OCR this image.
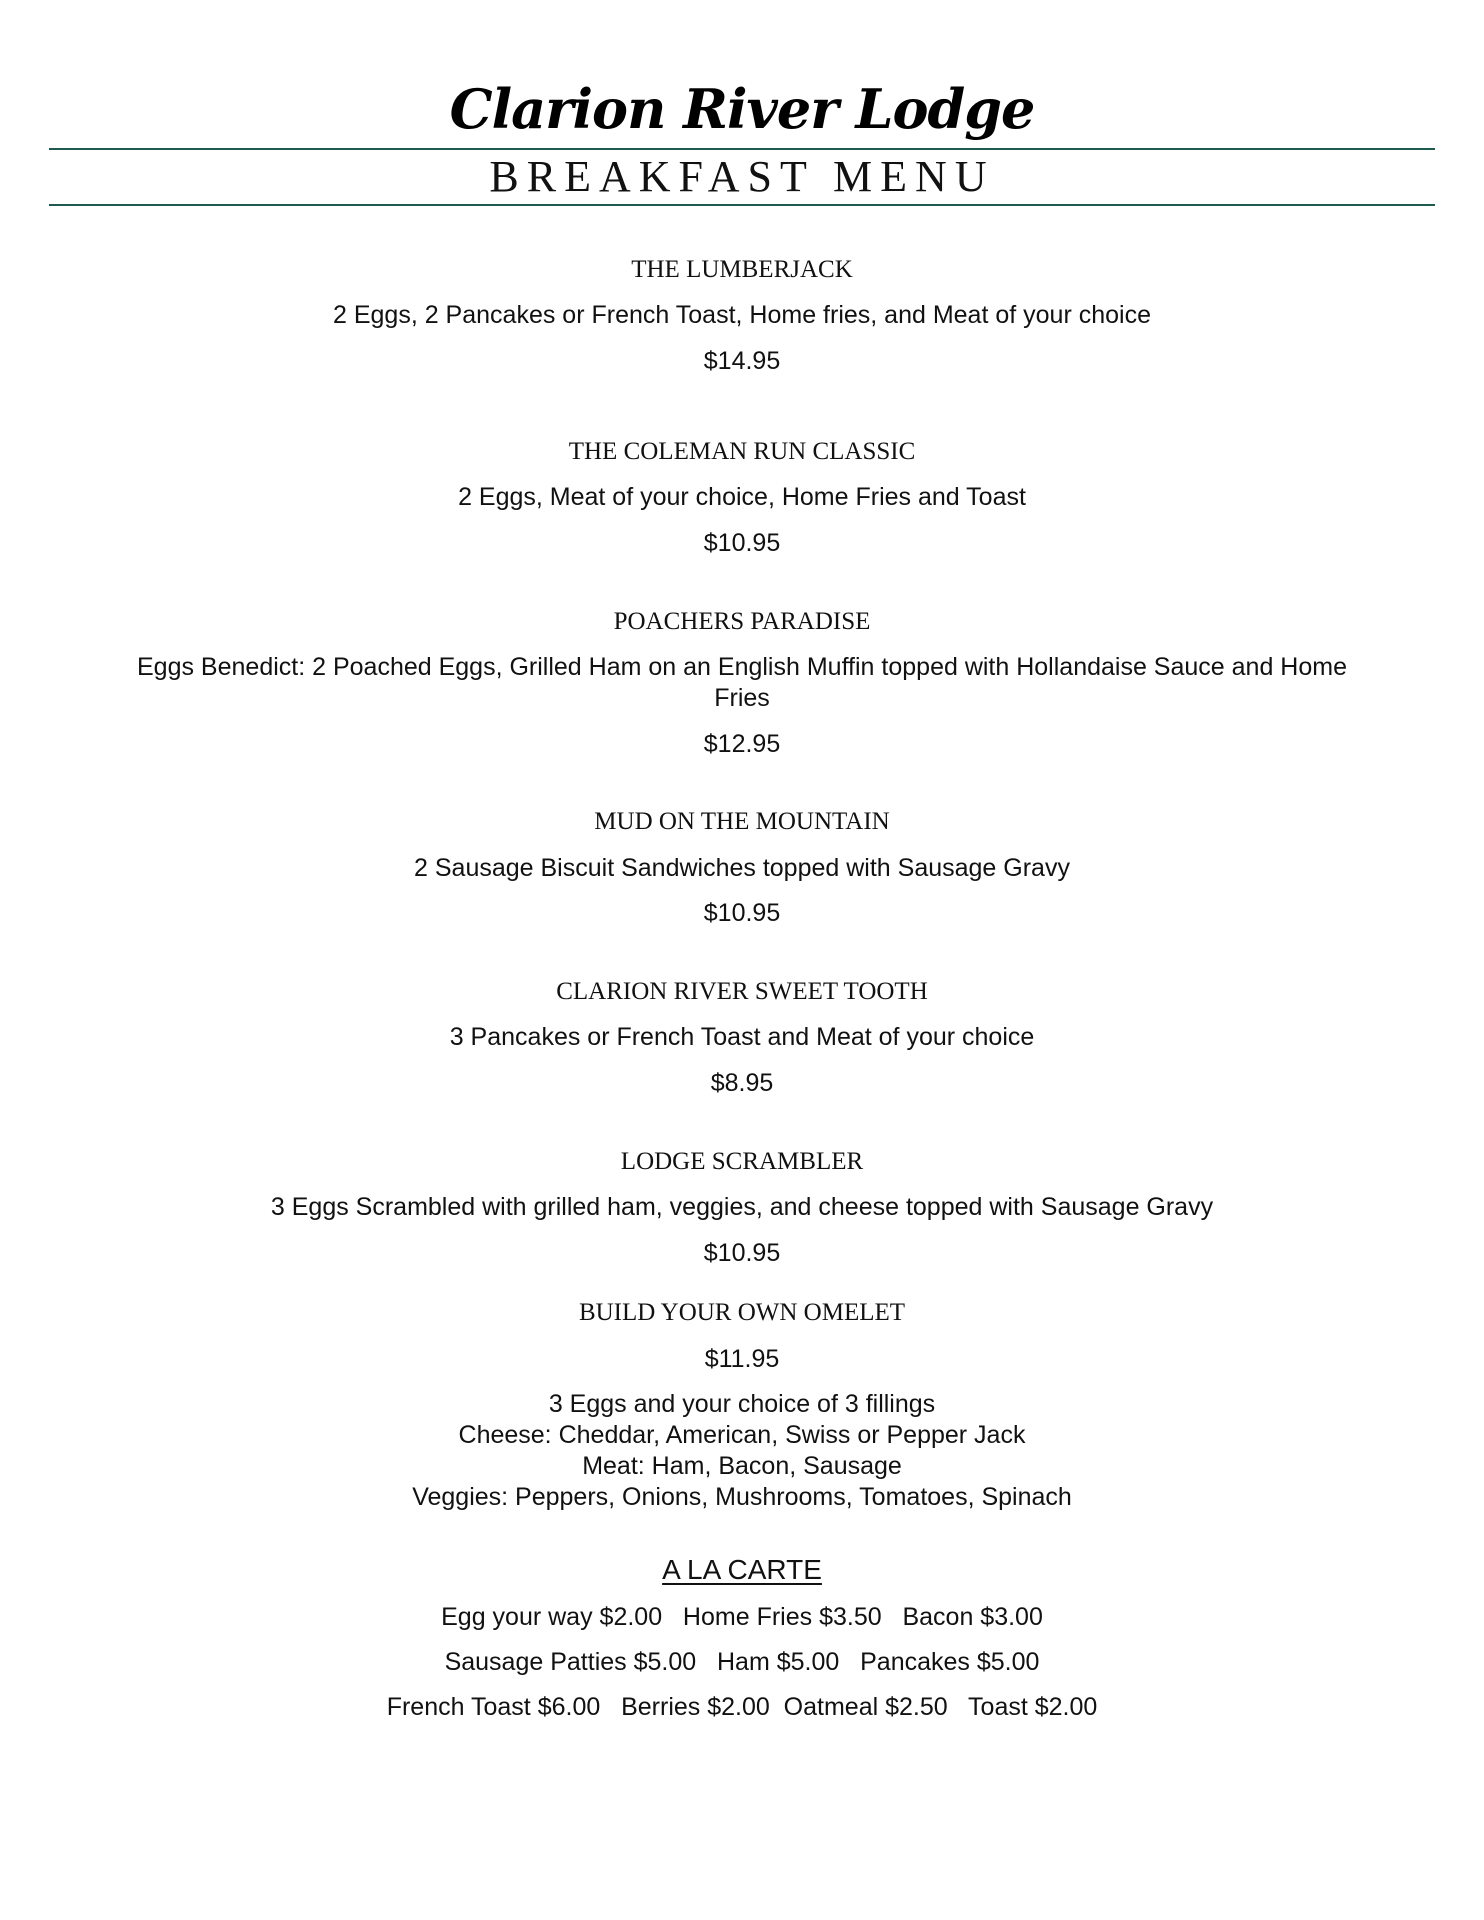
Clarion River Lodge
BREAKFAST MENU
THE LUMBERJACK
2 Eggs, 2 Pancakes or French Toast, Home fries, and Meat of your choice
$14.95
THE COLEMAN RUN CLASSIC
2 Eggs, Meat of your choice, Home Fries and Toast
$10.95
POACHERS PARADISE
Eggs Benedict: 2 Poached Eggs, Grilled Ham on an English Muffin topped with Hollandaise Sauce and Home
Fries
$12.95
MUD ON THE MOUNTAIN
2 Sausage Biscuit Sandwiches topped with Sausage Gravy
$10.95
CLARION RIVER SWEET TOOTH
3 Pancakes or French Toast and Meat of your choice
$8.95
LODGE SCRAMBLER
3 Eggs Scrambled with grilled ham, veggies, and cheese topped with Sausage Gravy
$10.95
BUILD YOUR OWN OMELET
$11.95
3 Eggs and your choice of 3 fillings
Cheese: Cheddar, American, Swiss or Pepper Jack
Meat: Ham, Bacon, Sausage
Veggies: Peppers, Onions, Mushrooms, Tomatoes, Spinach
A LA CARTE
Egg your way $2.00   Home Fries $3.50   Bacon $3.00
Sausage Patties $5.00   Ham $5.00   Pancakes $5.00
French Toast $6.00   Berries $2.00  Oatmeal $2.50   Toast $2.00
